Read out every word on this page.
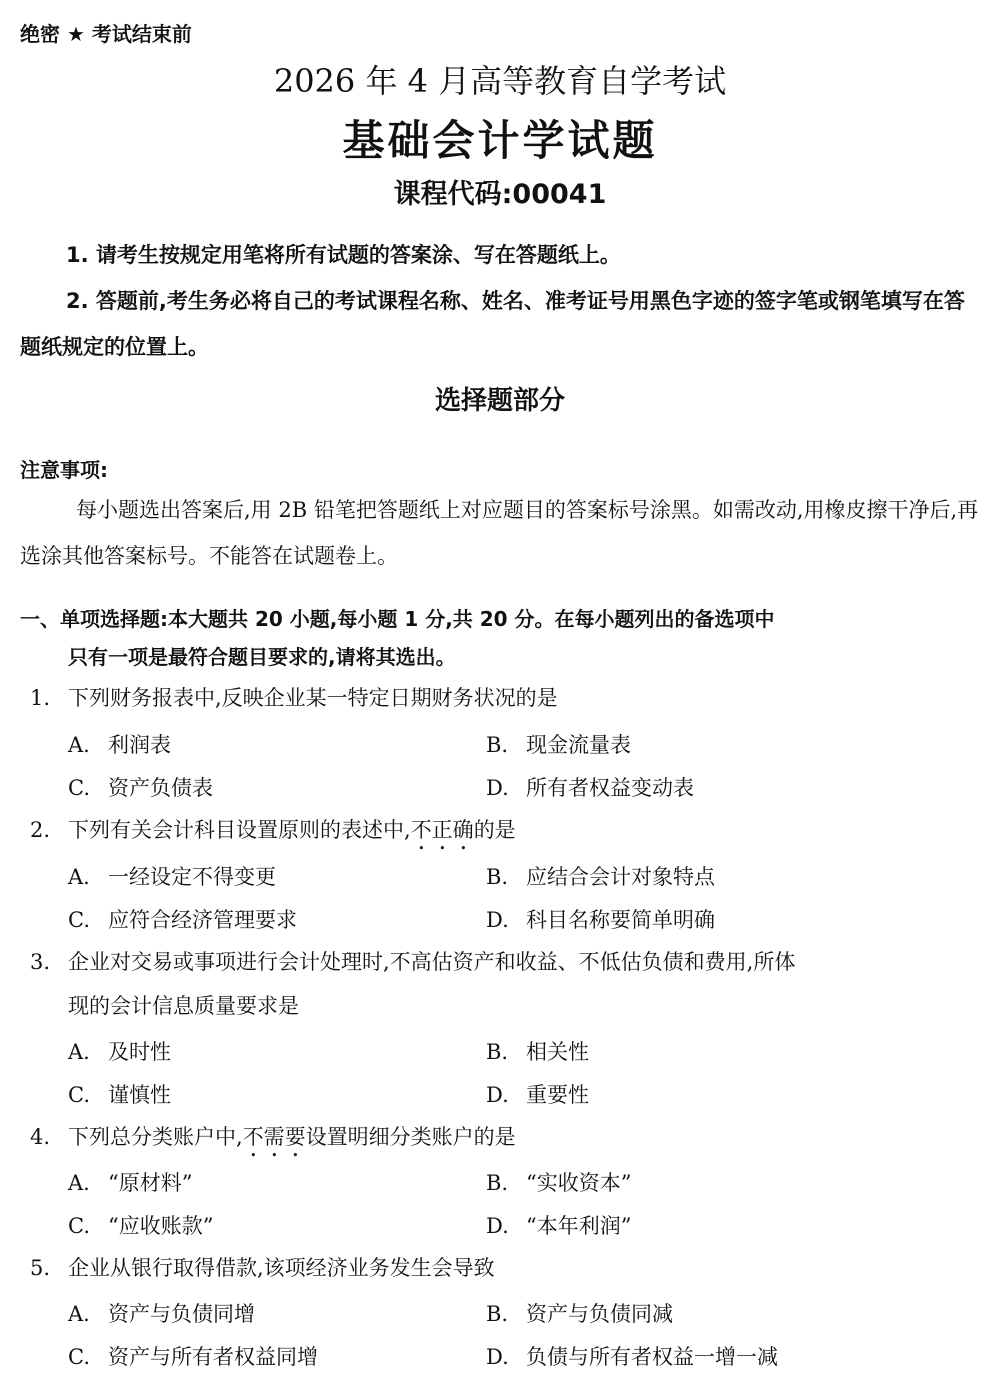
绝密 ★ 考试结束前
2026 年 4 月高等教育自学考试
基础会计学试题
课程代码:00041
1. 请考生按规定用笔将所有试题的答案涂、写在答题纸上。
2. 答题前,考生务必将自己的考试课程名称、姓名、准考证号用黑色字迹的签字笔或钢笔填写在答题纸规定的位置上。
选择题部分
注意事项:
每小题选出答案后,用 2B 铅笔把答题纸上对应题目的答案标号涂黑。如需改动,用橡皮擦干净后,再选涂其他答案标号。不能答在试题卷上。
一、单项选择题:本大题共 20 小题,每小题 1 分,共 20 分。在每小题列出的备选项中
只有一项是最符合题目要求的,请将其选出。
1. 下列财务报表中,反映企业某一特定日期财务状况的是
A. 利润表	B. 现金流量表
C. 资产负债表	D. 所有者权益变动表
2. 下列有关会计科目设置原则的表述中,不正确的是
A. 一经设定不得变更	B. 应结合会计对象特点
C. 应符合经济管理要求	D. 科目名称要简单明确
3. 企业对交易或事项进行会计处理时,不高估资产和收益、不低估负债和费用,所体
现的会计信息质量要求是
A. 及时性	B. 相关性
C. 谨慎性	D. 重要性
4. 下列总分类账户中,不需要设置明细分类账户的是
A. “原材料”	B. “实收资本”
C. “应收账款”	D. “本年利润”
5. 企业从银行取得借款,该项经济业务发生会导致
A. 资产与负债同增	B. 资产与负债同减
C. 资产与所有者权益同增	D. 负债与所有者权益一增一减
